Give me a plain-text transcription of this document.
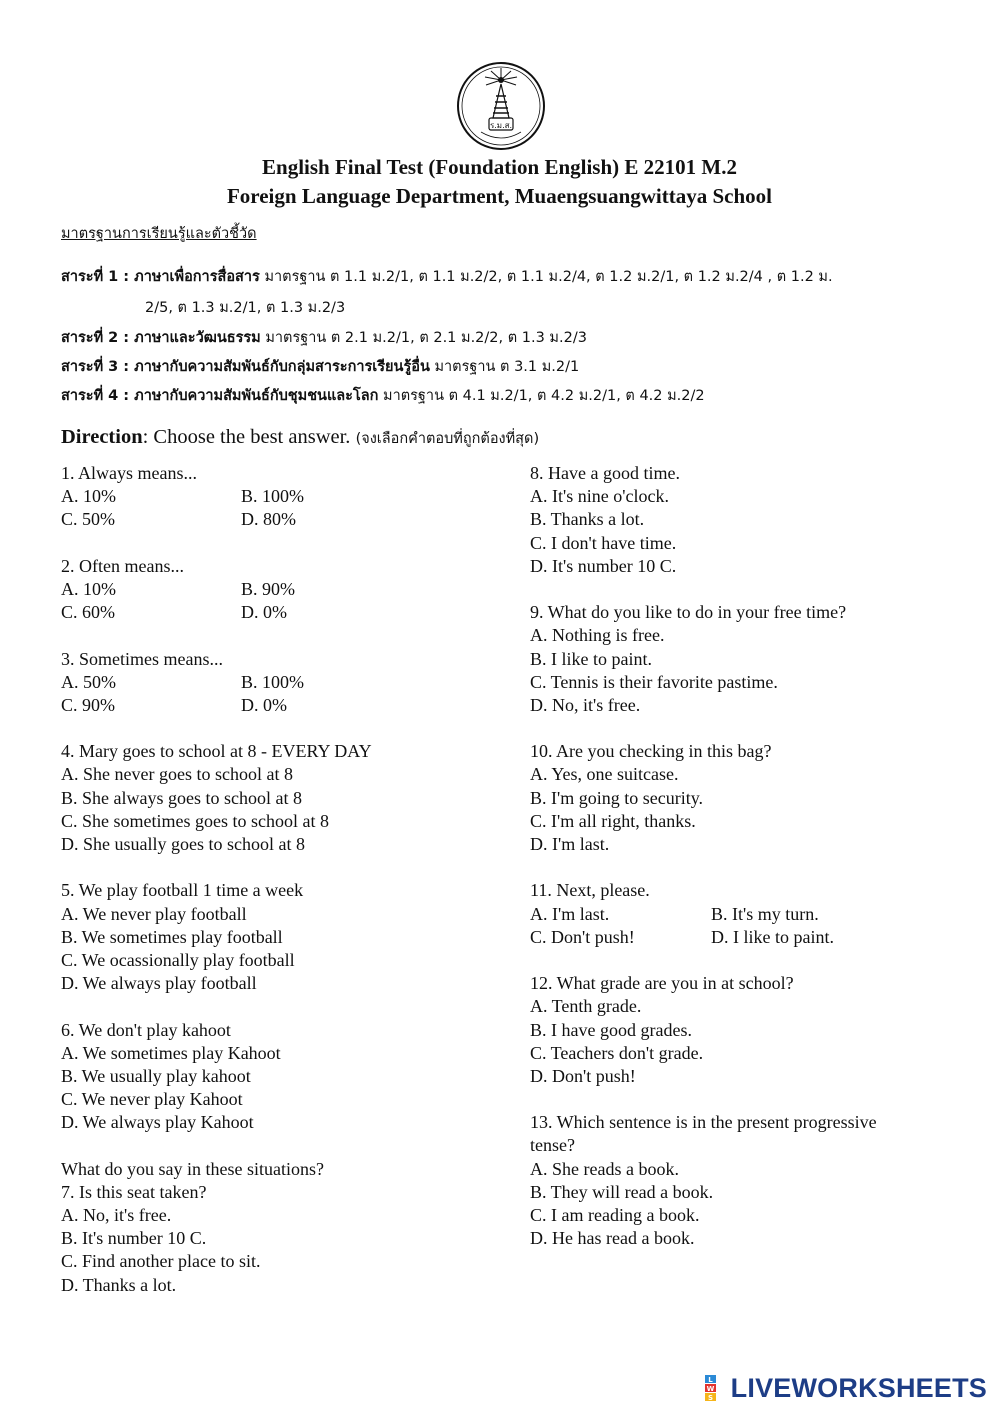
ร.ม.ส.
English Final Test (Foundation English) E 22101 M.2
Foreign Language Department, Muaengsuangwittaya School
มาตรฐานการเรียนรู้และตัวชี้วัด
สาระที่ 1 : ภาษาเพื่อการสื่อสาร มาตรฐาน ต 1.1 ม.2/1, ต 1.1 ม.2/2, ต 1.1 ม.2/4, ต 1.2 ม.2/1, ต 1.2 ม.2/4 , ต 1.2 ม.
2/5, ต 1.3 ม.2/1, ต 1.3 ม.2/3
สาระที่ 2 : ภาษาและวัฒนธรรม มาตรฐาน ต 2.1 ม.2/1, ต 2.1 ม.2/2, ต 1.3 ม.2/3
สาระที่ 3 : ภาษากับความสัมพันธ์กับกลุ่มสาระการเรียนรู้อื่น มาตรฐาน ต 3.1 ม.2/1
สาระที่ 4 : ภาษากับความสัมพันธ์กับชุมชนและโลก มาตรฐาน ต 4.1 ม.2/1, ต 4.2 ม.2/1, ต 4.2 ม.2/2
Direction: Choose the best answer. (จงเลือกคำตอบที่ถูกต้องที่สุด)
1. Always means...
A. 10%	B. 100%
C. 50%	D. 80%
2. Often means...
A. 10%	B. 90%
C. 60%	D. 0%
3. Sometimes means...
A. 50%	B. 100%
C. 90%	D. 0%
4. Mary goes to school at 8 - EVERY DAY
A. She never goes to school at 8
B. She always goes to school at 8
C. She sometimes goes to school at 8
D. She usually goes to school at 8
5. We play football 1 time a week
A. We never play football
B. We sometimes play football
C. We ocassionally play football
D. We always play football
6. We don't play kahoot
A. We sometimes play Kahoot
B. We usually play kahoot
C. We never play Kahoot
D. We always play Kahoot
What do you say in these situations?
7. Is this seat taken?
A. No, it's free.
B. It's number 10 C.
C. Find another place to sit.
D. Thanks a lot.
8. Have a good time.
A. It's nine o'clock.
B. Thanks a lot.
C. I don't have time.
D. It's number 10 C.
9. What do you like to do in your free time?
A. Nothing is free.
B. I like to paint.
C. Tennis is their favorite pastime.
D. No, it's free.
10. Are you checking in this bag?
A. Yes, one suitcase.
B. I'm going to security.
C. I'm all right, thanks.
D. I'm last.
11. Next, please.
A. I'm last.	B. It's my turn.
C. Don't push!	D. I like to paint.
12. What grade are you in at school?
A. Tenth grade.
B. I have good grades.
C. Teachers don't grade.
D. Don't push!
13. Which sentence is in the present progressive
tense?
A. She reads a book.
B. They will read a book.
C. I am reading a book.
D. He has read a book.
L
W
S LIVEWORKSHEETS
